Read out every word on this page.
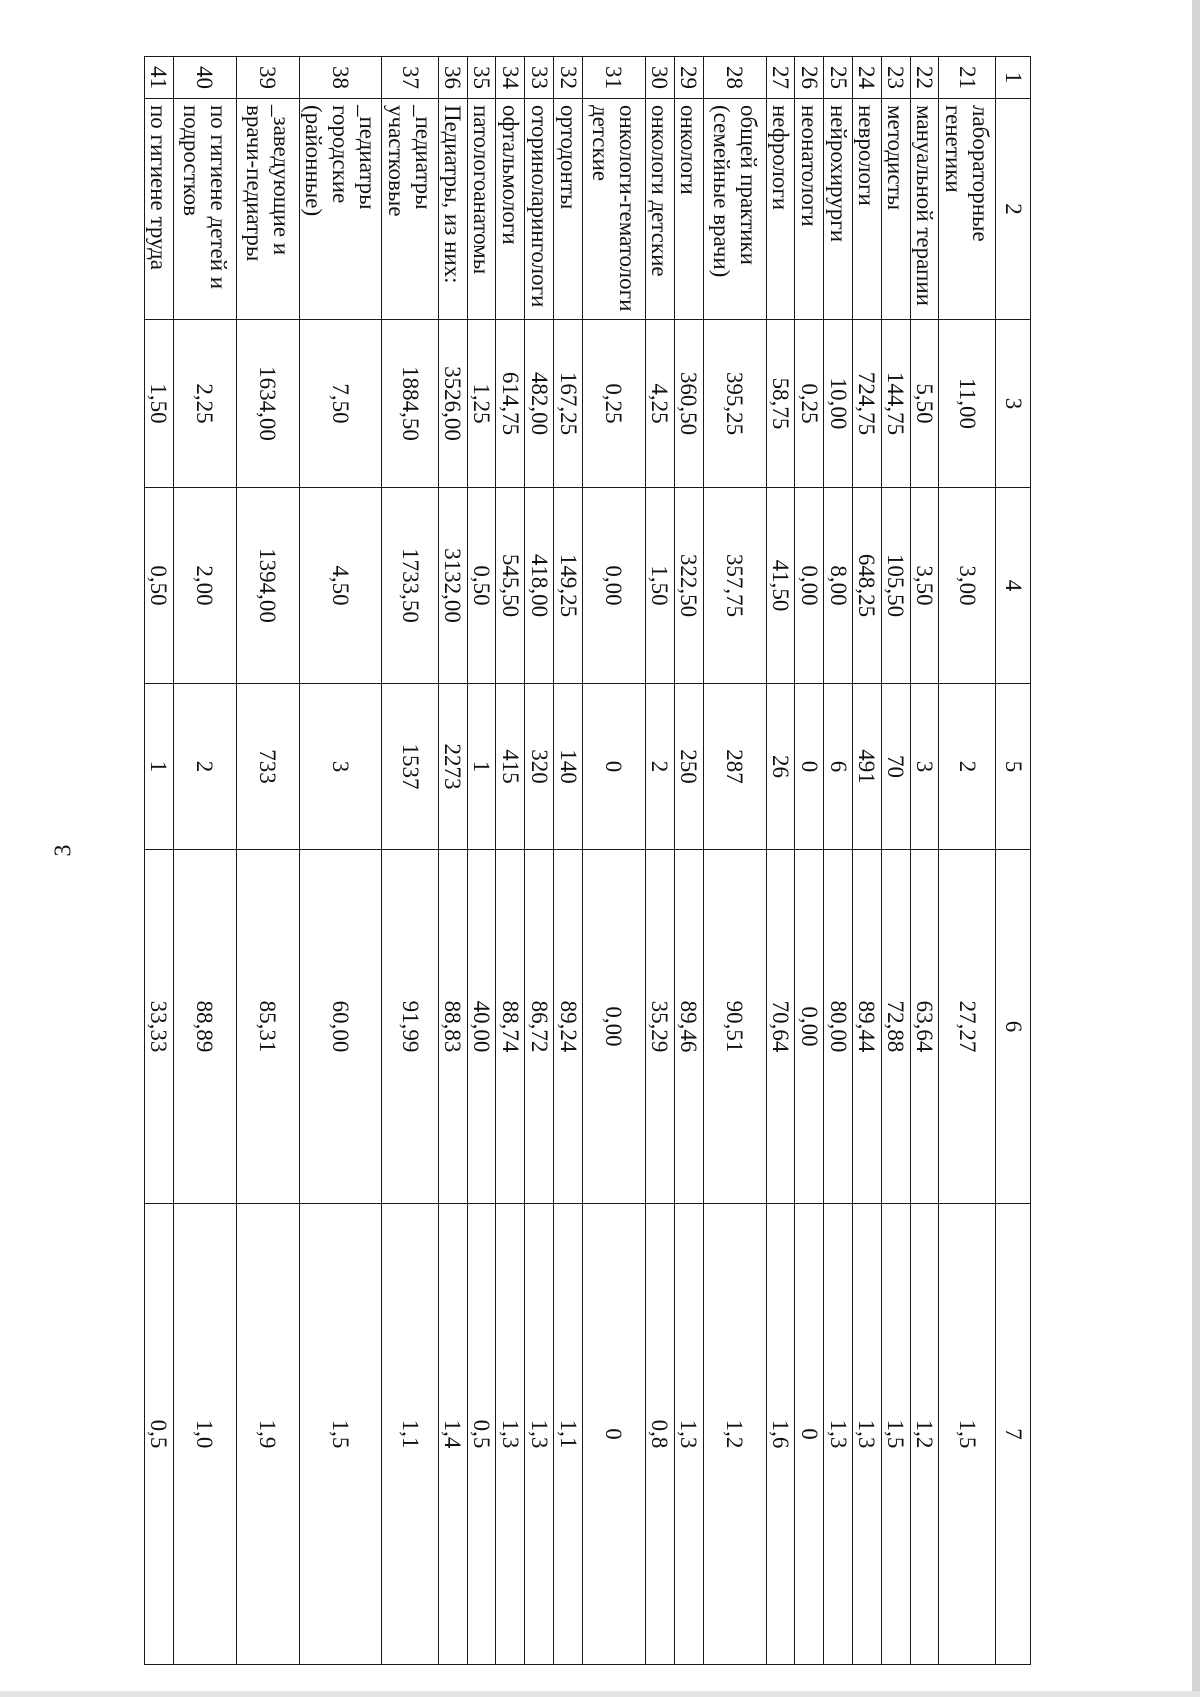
3
1	2	3	4	5	6	7
21	лабораторные генетики	11,00	3,00	2	27,27	1,5
22	мануальной терапии	5,50	3,50	3	63,64	1,2
23	методисты	144,75	105,50	70	72,88	1,5
24	неврологи	724,75	648,25	491	89,44	1,3
25	нейрохирурги	10,00	8,00	6	80,00	1,3
26	неонатологи	0,25	0,00	0	0,00	0
27	нефрологи	58,75	41,50	26	70,64	1,6
28	общей практики (семейные врачи)	395,25	357,75	287	90,51	1,2
29	онкологи	360,50	322,50	250	89,46	1,3
30	онкологи детские	4,25	1,50	2	35,29	0,8
31	онкологи-гематологи детские	0,25	0,00	0	0,00	0
32	ортодонты	167,25	149,25	140	89,24	1,1
33	оториноларингологи	482,00	418,00	320	86,72	1,3
34	офтальмологи	614,75	545,50	415	88,74	1,3
35	патологоанатомы	1,25	0,50	1	40,00	0,5
36	Педиатры, из них:	3526,00	3132,00	2273	88,83	1,4
37	_педиатры участковые	1884,50	1733,50	1537	91,99	1,1
38	_педиатры городские (районные)	7,50	4,50	3	60,00	1,5
39	_заведующие и врачи-педиатры	1634,00	1394,00	733	85,31	1,9
40	по гигиене детей и подростков	2,25	2,00	2	88,89	1,0
41	по гигиене труда	1,50	0,50	1	33,33	0,5
